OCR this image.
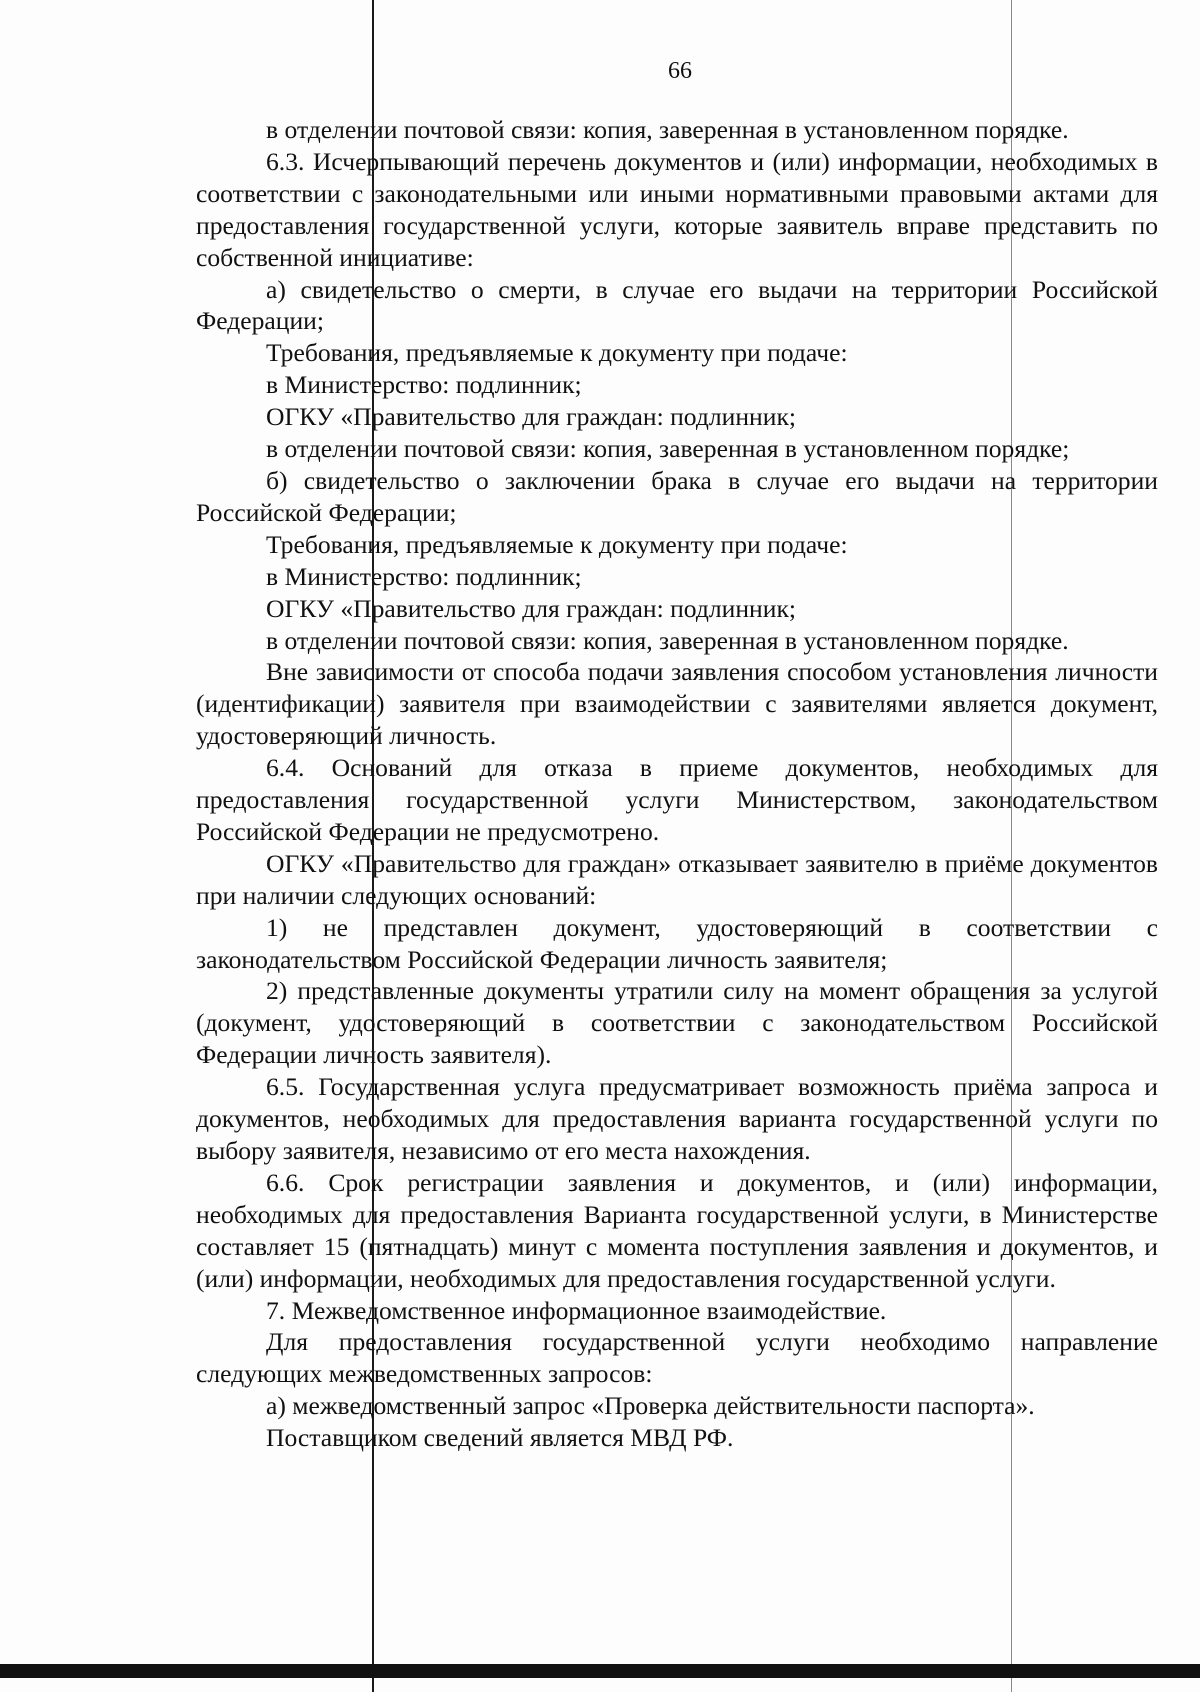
66

в отделении почтовой связи: копия, заверенная в установленном порядке.

6.3. Исчерпывающий перечень документов и (или) информации, необходимых в соответствии с законодательными или иными нормативными правовыми актами для предоставления государственной услуги, которые заявитель вправе представить по собственной инициативе:

а) свидетельство о смерти, в случае его выдачи на территории Российской Федерации;

Требования, предъявляемые к документу при подаче:

в Министерство: подлинник;

ОГКУ «Правительство для граждан: подлинник;

в отделении почтовой связи: копия, заверенная в установленном порядке;

б) свидетельство о заключении брака в случае его выдачи на территории Российской Федерации;

Требования, предъявляемые к документу при подаче:

в Министерство: подлинник;

ОГКУ «Правительство для граждан: подлинник;

в отделении почтовой связи: копия, заверенная в установленном порядке.

Вне зависимости от способа подачи заявления способом установления личности (идентификации) заявителя при взаимодействии с заявителями является документ, удостоверяющий личность.

6.4. Оснований для отказа в приеме документов, необходимых для предоставления государственной услуги Министерством, законодательством Российской Федерации не предусмотрено.

ОГКУ «Правительство для граждан» отказывает заявителю в приёме документов при наличии следующих оснований:

1) не представлен документ, удостоверяющий в соответствии с законодательством Российской Федерации личность заявителя;

2) представленные документы утратили силу на момент обращения за услугой (документ, удостоверяющий в соответствии с законодательством Российской Федерации личность заявителя).

6.5. Государственная услуга предусматривает возможность приёма запроса и документов, необходимых для предоставления варианта государственной услуги по выбору заявителя, независимо от его места нахождения.

6.6. Срок регистрации заявления и документов, и (или) информации, необходимых для предоставления Варианта государственной услуги, в Министерстве составляет 15 (пятнадцать) минут с момента поступления заявления и документов, и (или) информации, необходимых для предоставления государственной услуги.

7. Межведомственное информационное взаимодействие.

Для предоставления государственной услуги необходимо направление следующих межведомственных запросов:

а) межведомственный запрос «Проверка действительности паспорта».

Поставщиком сведений является МВД РФ.
